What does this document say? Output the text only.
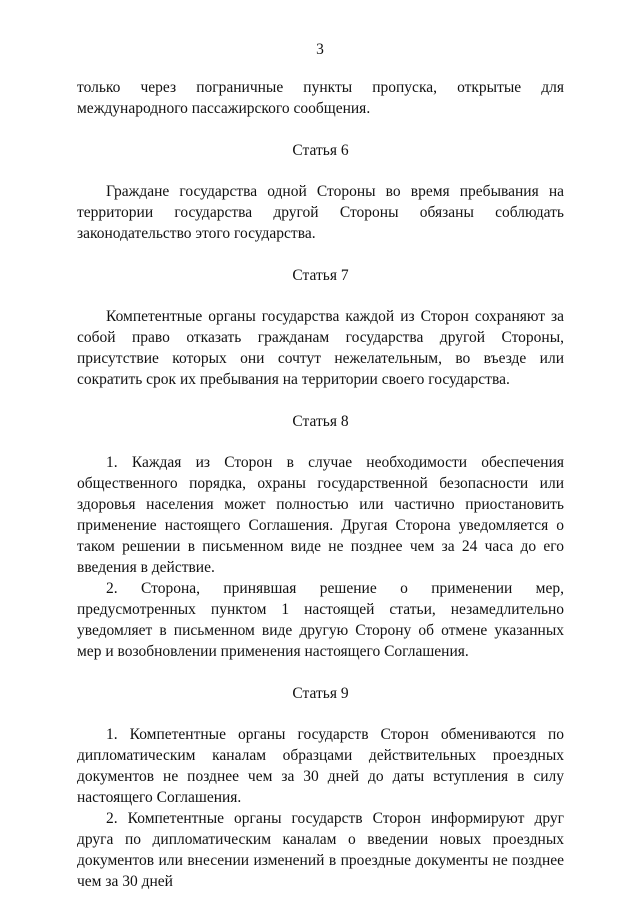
3

только через пограничные пункты пропуска, открытые для международного пассажирского сообщения.

Статья 6

Граждане государства одной Стороны во время пребывания на территории государства другой Стороны обязаны соблюдать законодательство этого государства.

Статья 7

Компетентные органы государства каждой из Сторон сохраняют за собой право отказать гражданам государства другой Стороны, присутствие которых они сочтут нежелательным, во въезде или сократить срок их пребывания на территории своего государства.

Статья 8

1. Каждая из Сторон в случае необходимости обеспечения общественного порядка, охраны государственной безопасности или здоровья населения может полностью или частично приостановить применение настоящего Соглашения. Другая Сторона уведомляется о таком решении в письменном виде не позднее чем за 24 часа до его введения в действие.

2. Сторона, принявшая решение о применении мер, предусмотренных пунктом 1 настоящей статьи, незамедлительно уведомляет в письменном виде другую Сторону об отмене указанных мер и возобновлении применения настоящего Соглашения.

Статья 9

1. Компетентные органы государств Сторон обмениваются по дипломатическим каналам образцами действительных проездных документов не позднее чем за 30 дней до даты вступления в силу настоящего Соглашения.

2. Компетентные органы государств Сторон информируют друг друга по дипломатическим каналам о введении новых проездных документов или внесении изменений в проездные документы не позднее чем за 30 дней
